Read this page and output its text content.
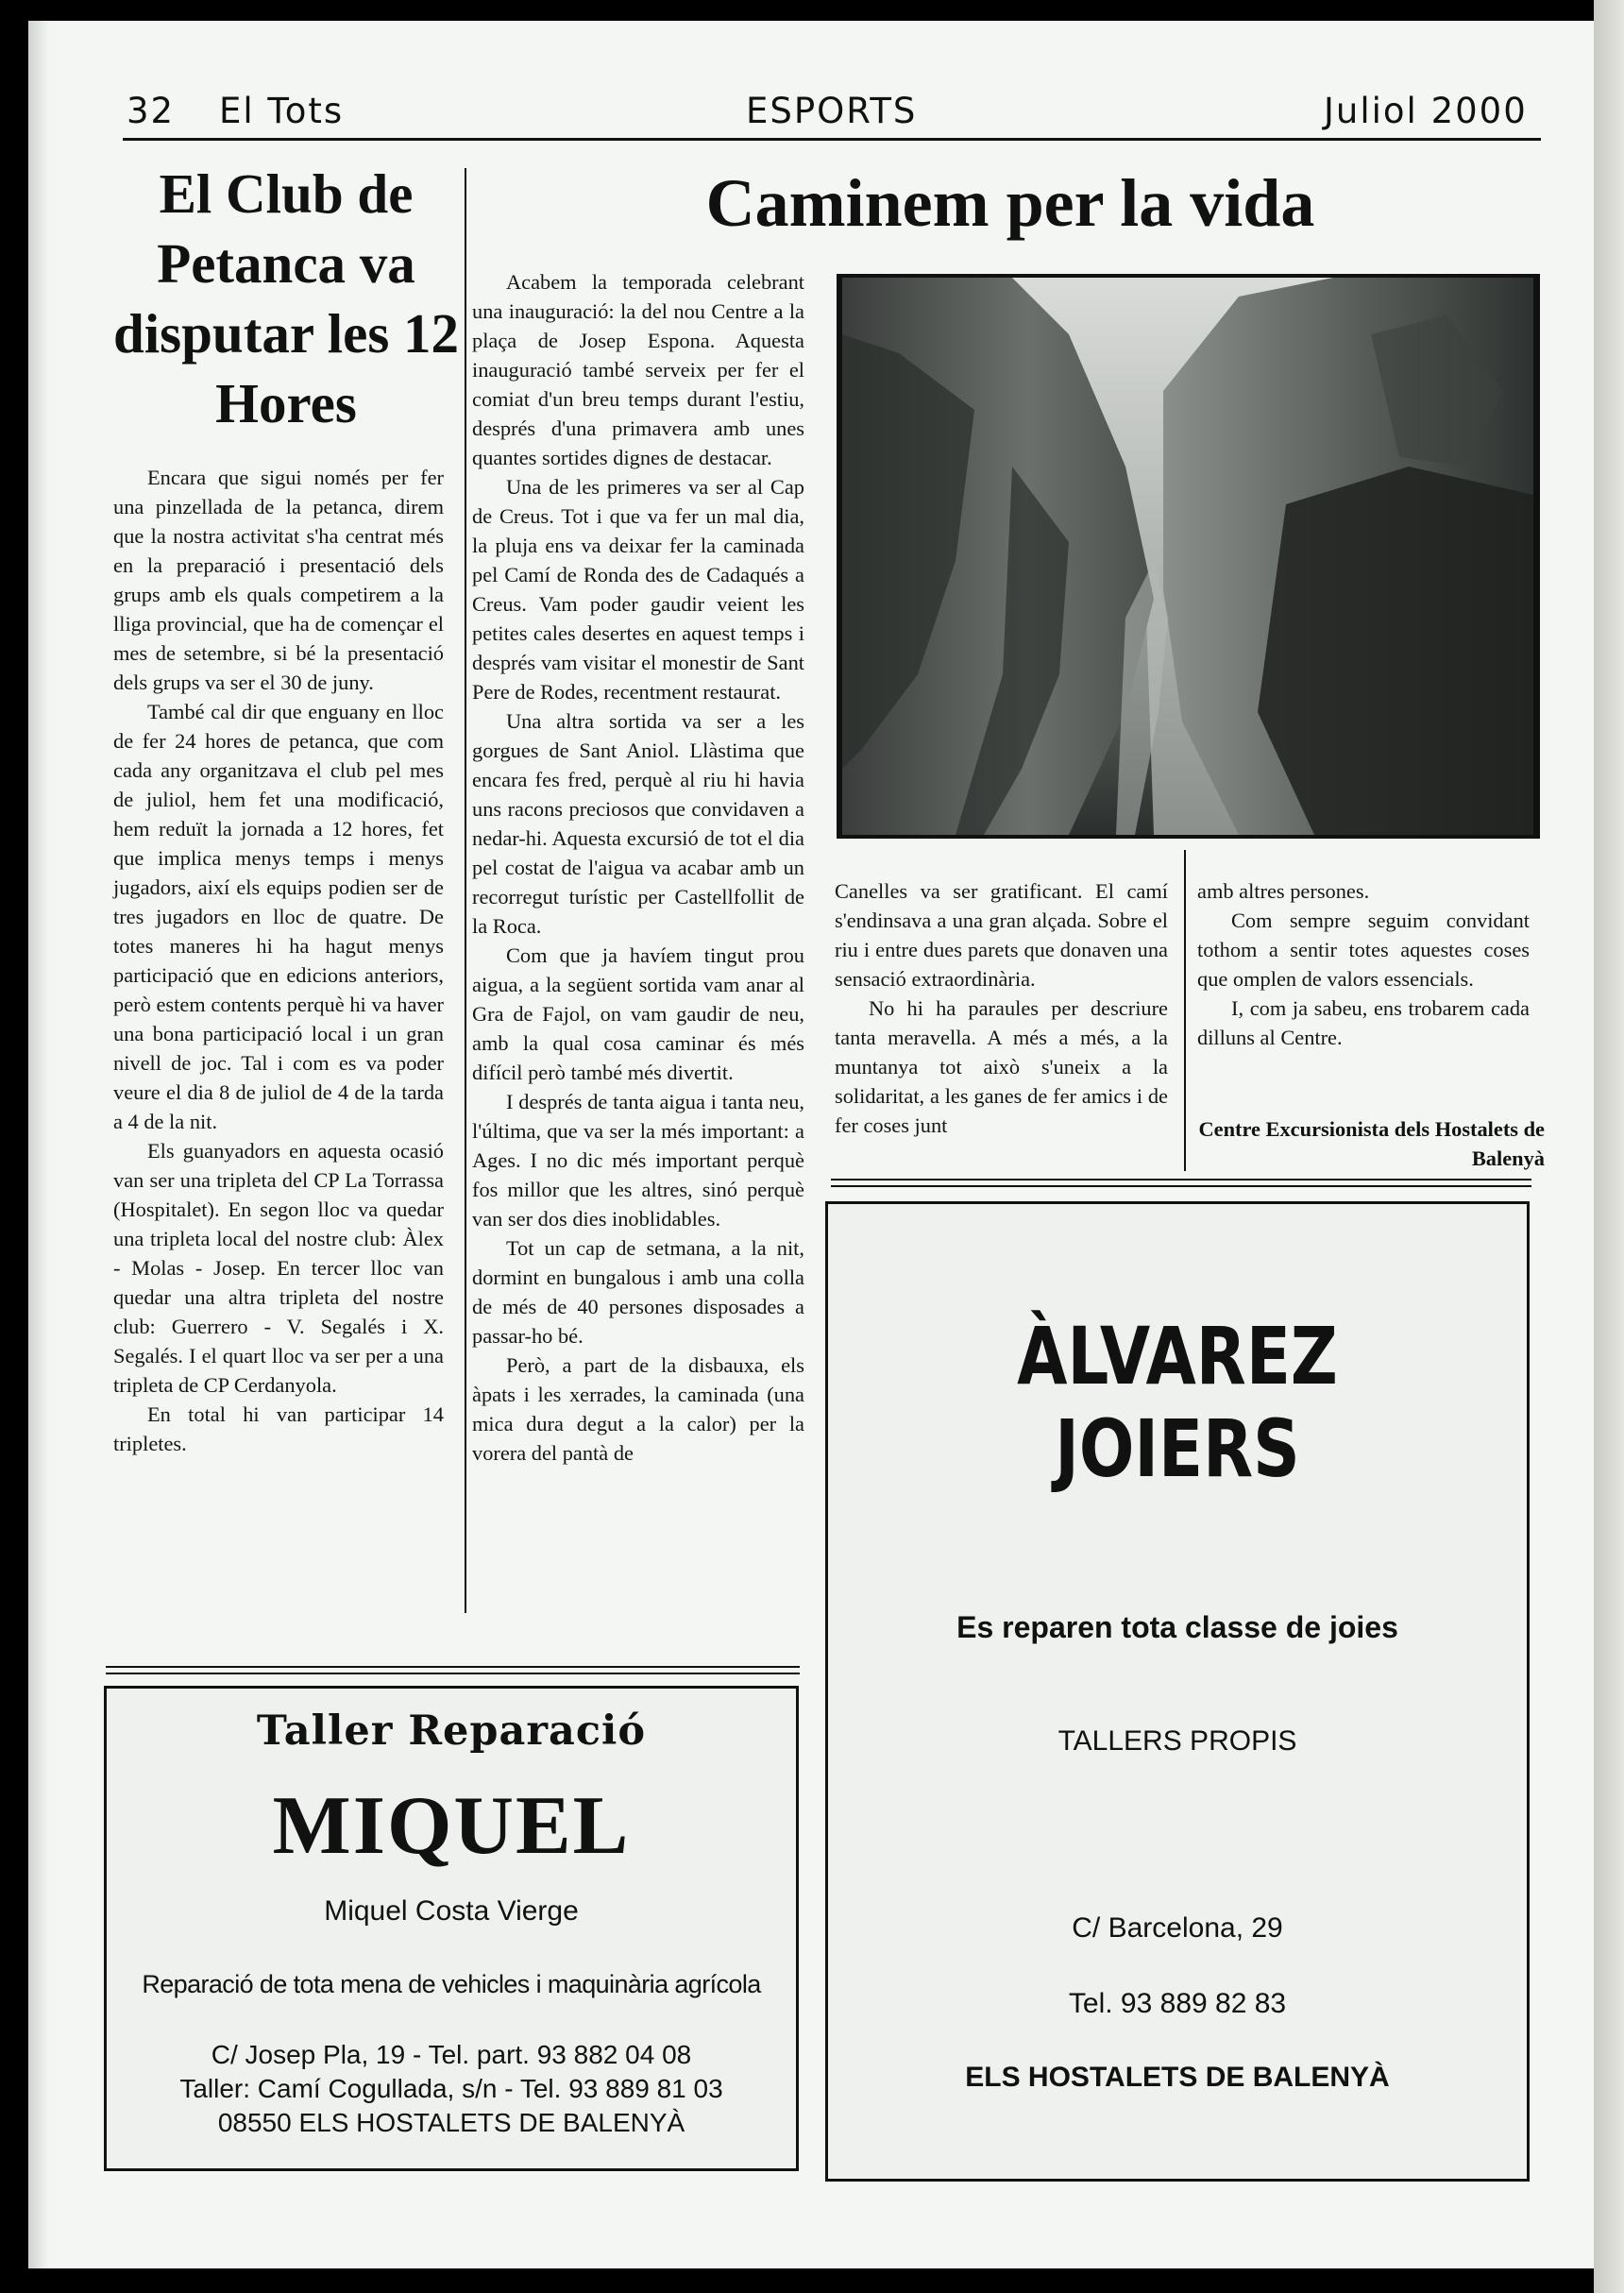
32 El Tots	ESPORTS	Juliol 2000
El Club de Petanca va disputar les 12 Hores

Encara que sigui només per fer una pinzellada de la petanca, direm que la nostra activitat s'ha centrat més en la preparació i presentació dels grups amb els quals competirem a la lliga provincial, que ha de començar el mes de setembre, si bé la presentació dels grups va ser el 30 de juny.

També cal dir que enguany en lloc de fer 24 hores de petanca, que com cada any organitzava el club pel mes de juliol, hem fet una modificació, hem reduït la jornada a 12 hores, fet que implica menys temps i menys jugadors, així els equips podien ser de tres jugadors en lloc de quatre. De totes maneres hi ha hagut menys participació que en edicions anteriors, però estem contents perquè hi va haver una bona participació local i un gran nivell de joc. Tal i com es va poder veure el dia 8 de juliol de 4 de la tarda a 4 de la nit.

Els guanyadors en aquesta ocasió van ser una tripleta del CP La Torrassa (Hospitalet). En segon lloc va quedar una tripleta local del nostre club: Àlex - Molas - Josep. En tercer lloc van quedar una altra tripleta del nostre club: Guerrero - V. Segalés i X. Segalés. I el quart lloc va ser per a una tripleta de CP Cerdanyola.

En total hi van participar 14 tripletes.

Caminem per la vida

Acabem la temporada celebrant una inauguració: la del nou Centre a la plaça de Josep Espona. Aquesta inauguració també serveix per fer el comiat d'un breu temps durant l'estiu, després d'una primavera amb unes quantes sortides dignes de destacar.

Una de les primeres va ser al Cap de Creus. Tot i que va fer un mal dia, la pluja ens va deixar fer la caminada pel Camí de Ronda des de Cadaqués a Creus. Vam poder gaudir veient les petites cales desertes en aquest temps i després vam visitar el monestir de Sant Pere de Rodes, recentment restaurat.

Una altra sortida va ser a les gorgues de Sant Aniol. Llàstima que encara fes fred, perquè al riu hi havia uns racons preciosos que convidaven a nedar-hi. Aquesta excursió de tot el dia pel costat de l'aigua va acabar amb un recorregut turístic per Castellfollit de la Roca.

Com que ja havíem tingut prou aigua, a la següent sortida vam anar al Gra de Fajol, on vam gaudir de neu, amb la qual cosa caminar és més difícil però també més divertit.

I després de tanta aigua i tanta neu, l'última, que va ser la més important: a Ages. I no dic més important perquè fos millor que les altres, sinó perquè van ser dos dies inoblidables.

Tot un cap de setmana, a la nit, dormint en bungalous i amb una colla de més de 40 persones disposades a passar-ho bé.

Però, a part de la disbauxa, els àpats i les xerrades, la caminada (una mica dura degut a la calor) per la vorera del pantà de

Canelles va ser gratificant. El camí s'endinsava a una gran alçada. Sobre el riu i entre dues parets que donaven una sensació extraordinària.

No hi ha paraules per descriure tanta meravella. A més a més, a la muntanya tot això s'uneix a la solidaritat, a les ganes de fer amics i de fer coses junt

amb altres persones.

Com sempre seguim convidant tothom a sentir totes aquestes coses que omplen de valors essencials.

I, com ja sabeu, ens trobarem cada dilluns al Centre.

Centre Excursionista dels Hostalets de Balenyà
Taller Reparació
MIQUEL
Miquel Costa Vierge
Reparació de tota mena de vehicles i maquinària agrícola
C/ Josep Pla, 19 - Tel. part. 93 882 04 08
Taller: Camí Cogullada, s/n - Tel. 93 889 81 03
08550 ELS HOSTALETS DE BALENYÀ
ÀLVAREZ
JOIERS
Es reparen tota classe de joies
TALLERS PROPIS
C/ Barcelona, 29
Tel. 93 889 82 83
ELS HOSTALETS DE BALENYÀ
